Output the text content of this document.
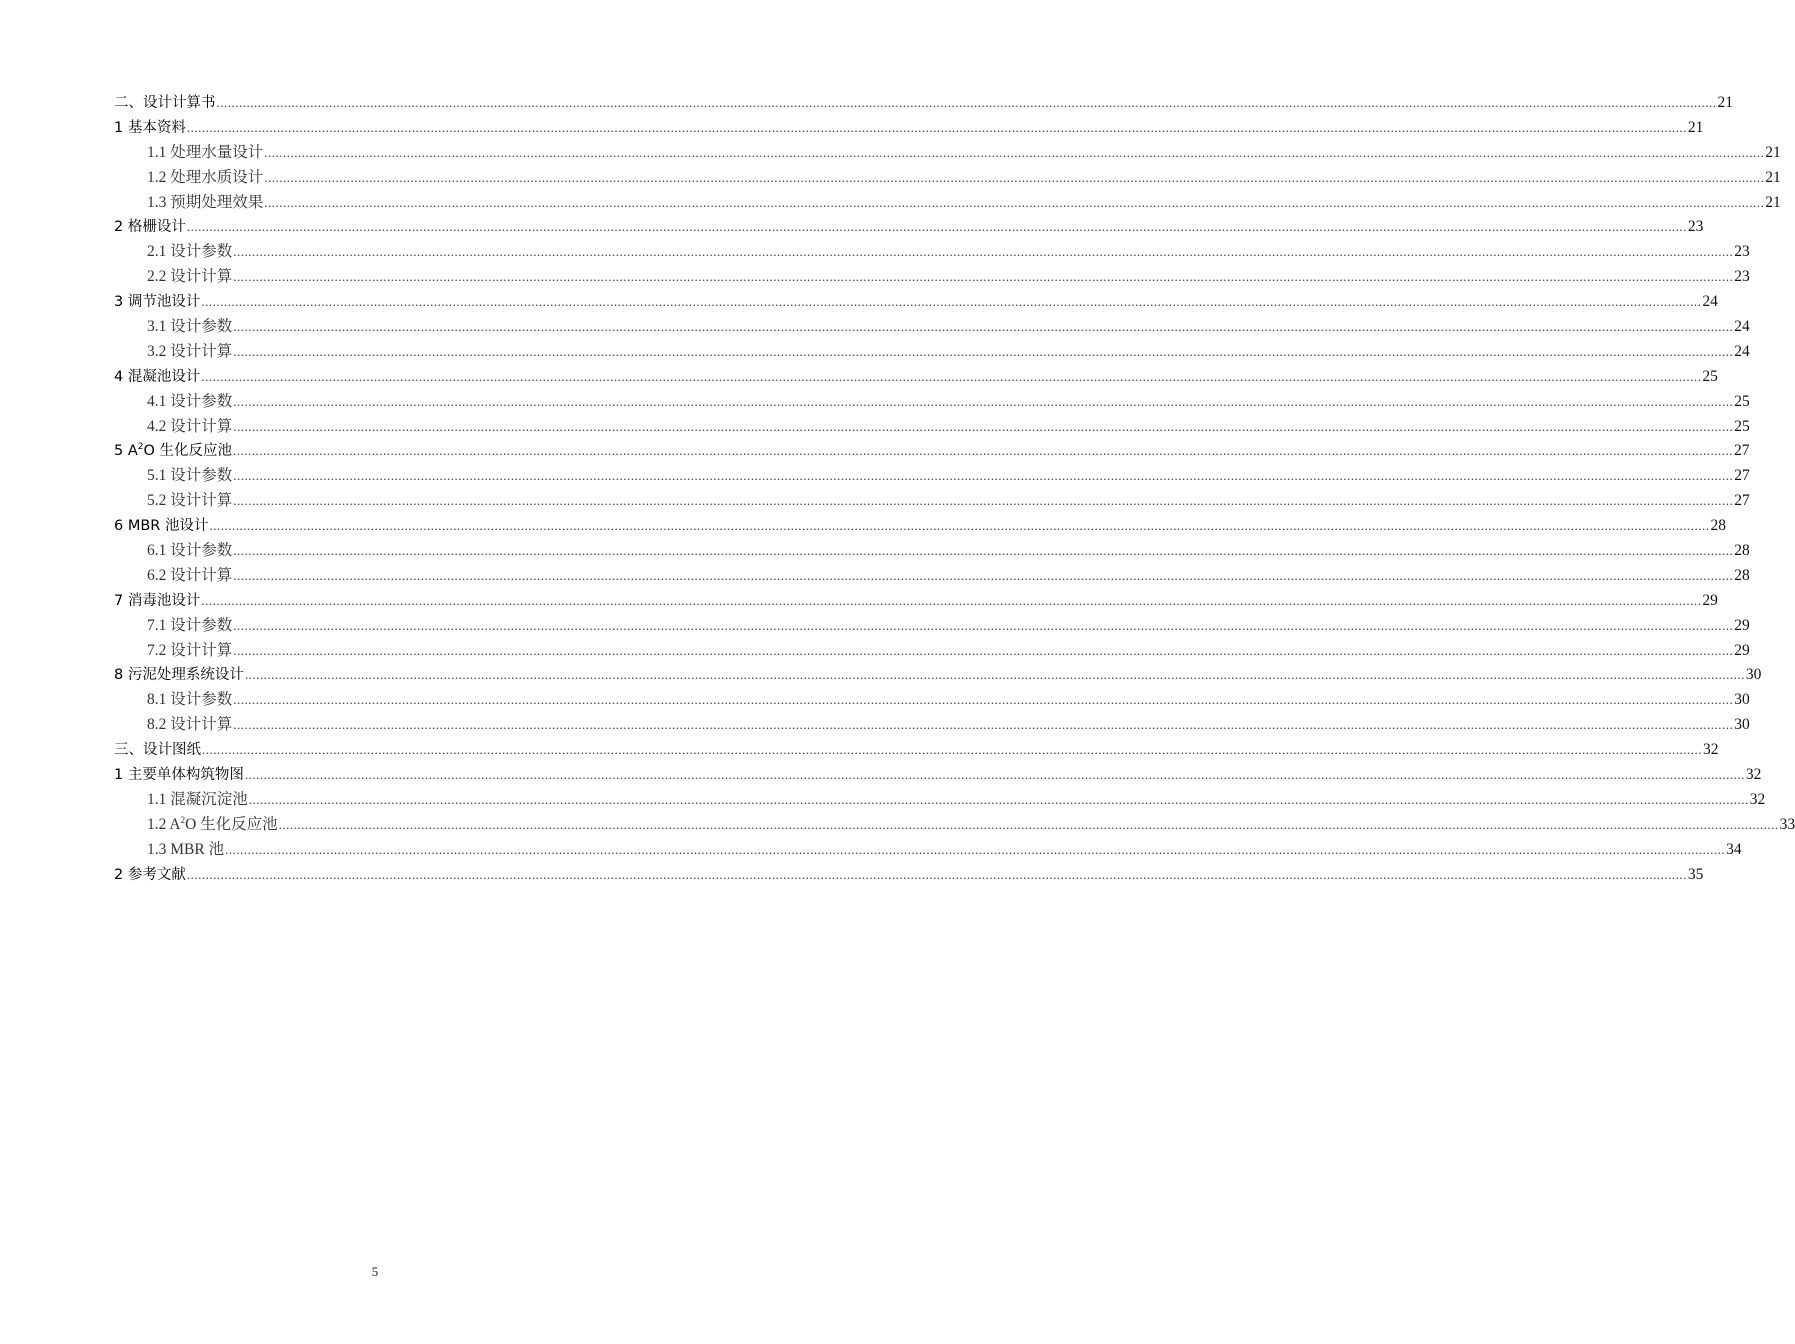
二、设计计算书 ................................................................................................................................................................................................................................................................................................................................................................................................................ 21
1 基本资料 ................................................................................................................................................................................................................................................................................................................................................................................................................ 21
1.1 处理水量设计 ................................................................................................................................................................................................................................................................................................................................................................................................................ 21
1.2 处理水质设计 ................................................................................................................................................................................................................................................................................................................................................................................................................ 21
1.3 预期处理效果 ................................................................................................................................................................................................................................................................................................................................................................................................................ 21
2 格栅设计 ................................................................................................................................................................................................................................................................................................................................................................................................................ 23
2.1 设计参数 ................................................................................................................................................................................................................................................................................................................................................................................................................ 23
2.2 设计计算 ................................................................................................................................................................................................................................................................................................................................................................................................................ 23
3 调节池设计 ................................................................................................................................................................................................................................................................................................................................................................................................................ 24
3.1 设计参数 ................................................................................................................................................................................................................................................................................................................................................................................................................ 24
3.2 设计计算 ................................................................................................................................................................................................................................................................................................................................................................................................................ 24
4 混凝池设计 ................................................................................................................................................................................................................................................................................................................................................................................................................ 25
4.1 设计参数 ................................................................................................................................................................................................................................................................................................................................................................................................................ 25
4.2 设计计算 ................................................................................................................................................................................................................................................................................................................................................................................................................ 25
5 $A^2O$ 生化反应池 ................................................................................................................................................................................................................................................................................................................................................................................................................ 27
5.1 设计参数 ................................................................................................................................................................................................................................................................................................................................................................................................................ 27
5.2 设计计算 ................................................................................................................................................................................................................................................................................................................................................................................................................ 27
6 MBR 池设计 ................................................................................................................................................................................................................................................................................................................................................................................................................ 28
6.1 设计参数 ................................................................................................................................................................................................................................................................................................................................................................................................................ 28
6.2 设计计算 ................................................................................................................................................................................................................................................................................................................................................................................................................ 28
7 消毒池设计 ................................................................................................................................................................................................................................................................................................................................................................................................................ 29
7.1 设计参数 ................................................................................................................................................................................................................................................................................................................................................................................................................ 29
7.2 设计计算 ................................................................................................................................................................................................................................................................................................................................................................................................................ 29
8 污泥处理系统设计 ................................................................................................................................................................................................................................................................................................................................................................................................................ 30
8.1 设计参数 ................................................................................................................................................................................................................................................................................................................................................................................................................ 30
8.2 设计计算 ................................................................................................................................................................................................................................................................................................................................................................................................................ 30
三、设计图纸 ................................................................................................................................................................................................................................................................................................................................................................................................................ 32
1 主要单体构筑物图 ................................................................................................................................................................................................................................................................................................................................................................................................................ 32
1.1 混凝沉淀池 ................................................................................................................................................................................................................................................................................................................................................................................................................ 32
1.2 $A^2O$ 生化反应池 ................................................................................................................................................................................................................................................................................................................................................................................................................ 33
1.3 MBR 池 ................................................................................................................................................................................................................................................................................................................................................................................................................ 34
2 参考文献 ................................................................................................................................................................................................................................................................................................................................................................................................................ 35
5
